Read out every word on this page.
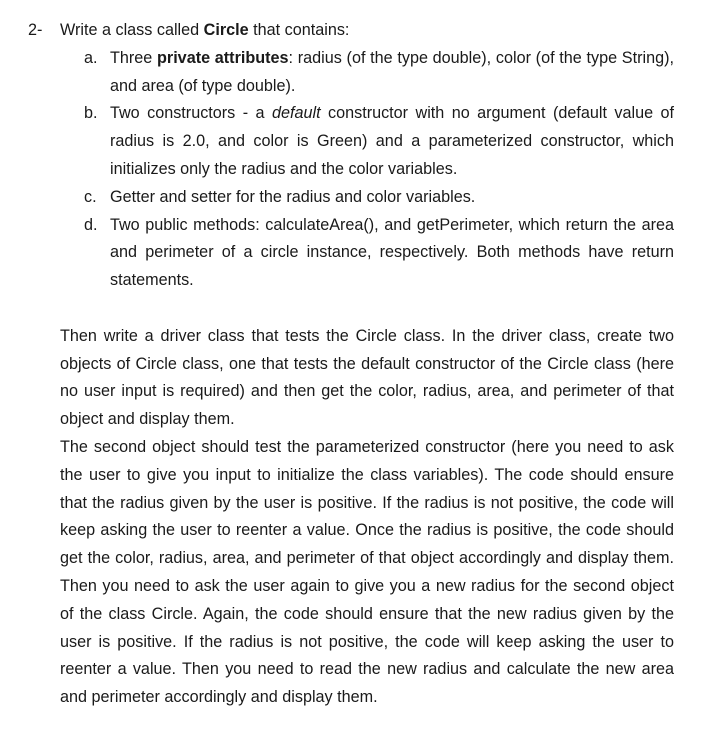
2- Write a class called Circle that contains:
a. Three private attributes: radius (of the type double), color (of the type String), and area (of type double).
b. Two constructors - a default constructor with no argument (default value of radius is 2.0, and color is Green) and a parameterized constructor, which initializes only the radius and the color variables.
c. Getter and setter for the radius and color variables.
d. Two public methods: calculateArea(), and getPerimeter, which return the area and perimeter of a circle instance, respectively. Both methods have return statements.

Then write a driver class that tests the Circle class. In the driver class, create two objects of Circle class, one that tests the default constructor of the Circle class (here no user input is required) and then get the color, radius, area, and perimeter of that object and display them.

The second object should test the parameterized constructor (here you need to ask the user to give you input to initialize the class variables). The code should ensure that the radius given by the user is positive. If the radius is not positive, the code will keep asking the user to reenter a value. Once the radius is positive, the code should get the color, radius, area, and perimeter of that object accordingly and display them. Then you need to ask the user again to give you a new radius for the second object of the class Circle. Again, the code should ensure that the new radius given by the user is positive. If the radius is not positive, the code will keep asking the user to reenter a value. Then you need to read the new radius and calculate the new area and perimeter accordingly and display them.
